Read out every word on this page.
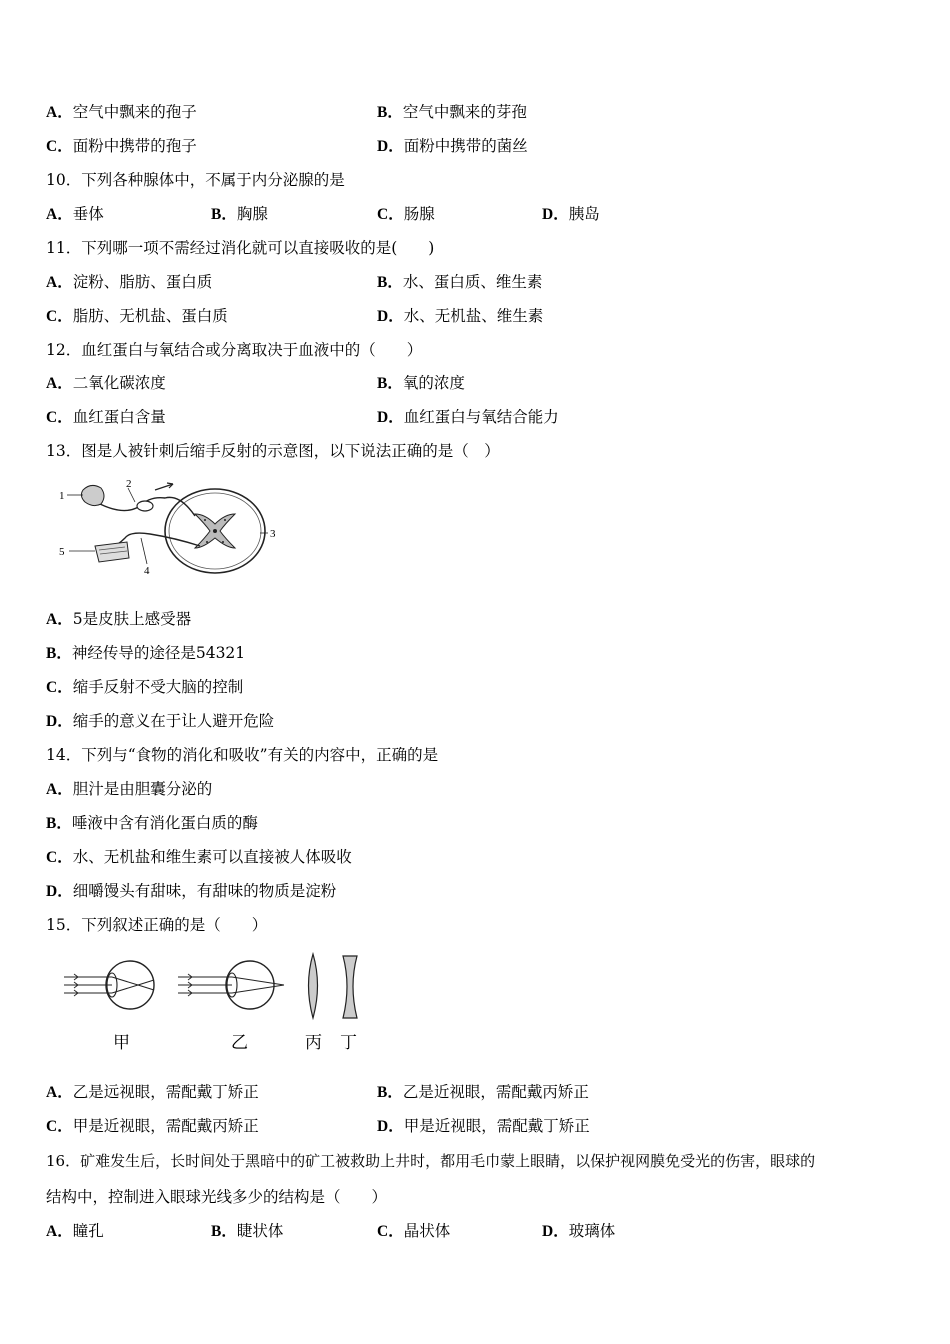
A．空气中飘来的孢子	B．空气中飘来的芽孢
C．面粉中携带的孢子	D．面粉中携带的菌丝
10．下列各种腺体中，不属于内分泌腺的是
A．垂体	B．胸腺	C．肠腺	D．胰岛
11．下列哪一项不需经过消化就可以直接吸收的是(　　)
A．淀粉、脂肪、蛋白质	B．水、蛋白质、维生素
C．脂肪、无机盐、蛋白质	D．水、无机盐、维生素
12．血红蛋白与氧结合或分离取决于血液中的（　　）
A．二氧化碳浓度	B．氧的浓度
C．血红蛋白含量	D．血红蛋白与氧结合能力
13．图是人被针刺后缩手反射的示意图，以下说法正确的是（　）
1
2
3
4
5
A．5是皮肤上感受器
B．神经传导的途径是54321
C．缩手反射不受大脑的控制
D．缩手的意义在于让人避开危险
14．下列与“食物的消化和吸收”有关的内容中，正确的是
A．胆汁是由胆囊分泌的
B．唾液中含有消化蛋白质的酶
C．水、无机盐和维生素可以直接被人体吸收
D．细嚼馒头有甜味，有甜味的物质是淀粉
15．下列叙述正确的是（　　）
甲	乙	丙 丁
A．乙是远视眼，需配戴丁矫正	B．乙是近视眼，需配戴丙矫正
C．甲是近视眼，需配戴丙矫正	D．甲是近视眼，需配戴丁矫正
16．矿难发生后，长时间处于黑暗中的矿工被救助上井时，都用毛巾蒙上眼睛，以保护视网膜免受光的伤害，眼球的
结构中，控制进入眼球光线多少的结构是（　　）
A．瞳孔	B．睫状体	C．晶状体	D．玻璃体
